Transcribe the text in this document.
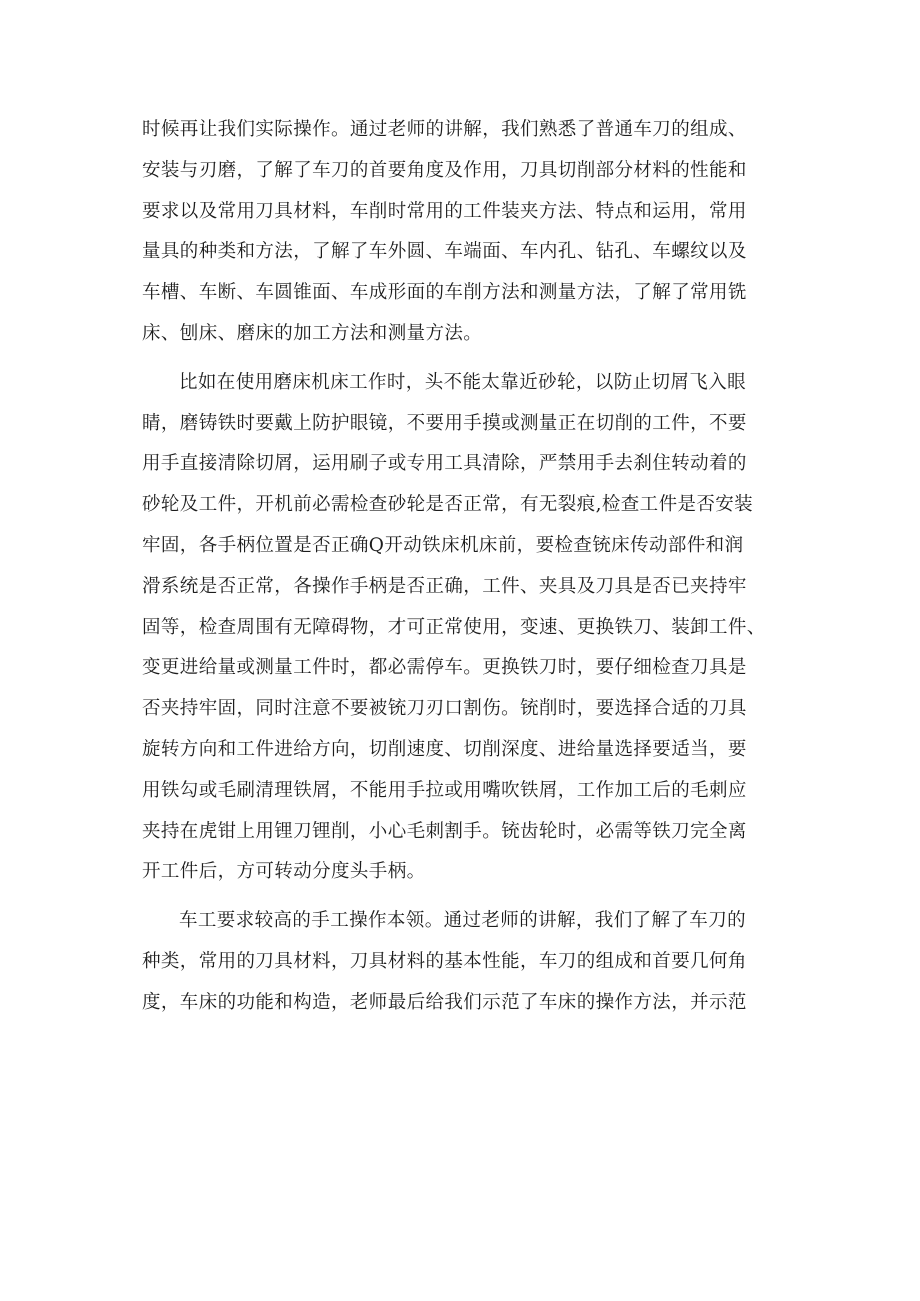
时候再让我们实际操作。通过老师的讲解，我们熟悉了普通车刀的组成、
安装与刃磨，了解了车刀的首要角度及作用，刀具切削部分材料的性能和
要求以及常用刀具材料，车削时常用的工件装夹方法、特点和运用，常用
量具的种类和方法，了解了车外圆、车端面、车内孔、钻孔、车螺纹以及
车槽、车断、车圆锥面、车成形面的车削方法和测量方法，了解了常用铣
床、刨床、磨床的加工方法和测量方法。
比如在使用磨床机床工作时，头不能太靠近砂轮，以防止切屑飞入眼
睛，磨铸铁时要戴上防护眼镜，不要用手摸或测量正在切削的工件，不要
用手直接清除切屑，运用刷子或专用工具清除，严禁用手去刹住转动着的
砂轮及工件，开机前必需检查砂轮是否正常，有无裂痕,检查工件是否安装
牢固，各手柄位置是否正确Q开动铁床机床前，要检查铳床传动部件和润
滑系统是否正常，各操作手柄是否正确，工件、夹具及刀具是否已夹持牢
固等，检查周围有无障碍物，才可正常使用，变速、更换铁刀、装卸工件、
变更进给量或测量工件时，都必需停车。更换铁刀时，要仔细检查刀具是
否夹持牢固，同时注意不要被铳刀刃口割伤。铳削时，要选择合适的刀具
旋转方向和工件进给方向，切削速度、切削深度、进给量选择要适当，要
用铁勾或毛刷清理铁屑，不能用手拉或用嘴吹铁屑，工作加工后的毛刺应
夹持在虎钳上用锂刀锂削，小心毛刺割手。铳齿轮时，必需等铁刀完全离
开工件后，方可转动分度头手柄。
车工要求较高的手工操作本领。通过老师的讲解，我们了解了车刀的
种类，常用的刀具材料，刀具材料的基本性能，车刀的组成和首要几何角
度，车床的功能和构造，老师最后给我们示范了车床的操作方法，并示范
